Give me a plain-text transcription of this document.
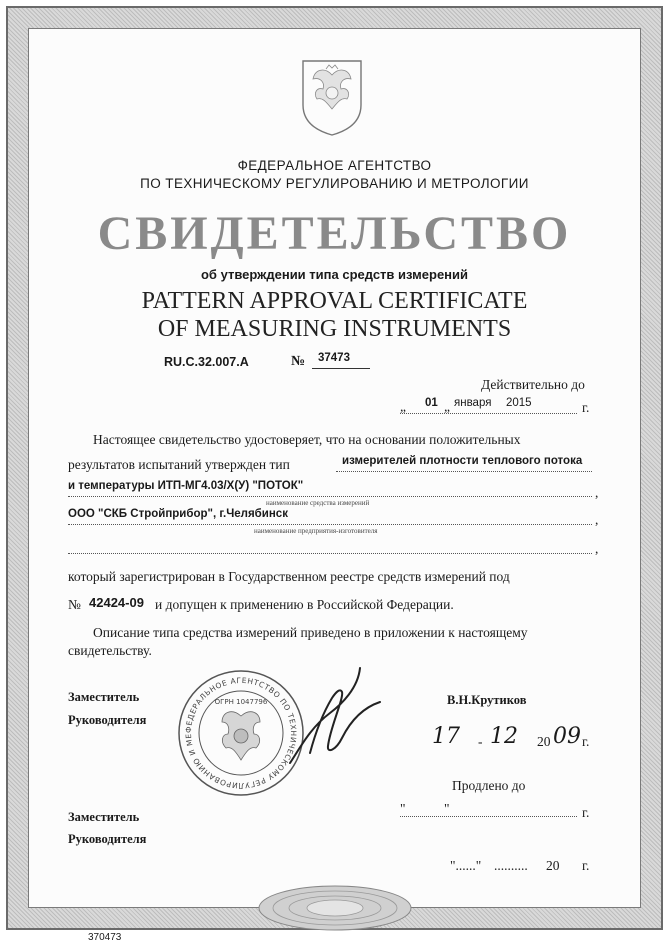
ФЕДЕРАЛЬНОЕ АГЕНТСТВО
ПО ТЕХНИЧЕСКОМУ РЕГУЛИРОВАНИЮ И МЕТРОЛОГИИ
СВИДЕТЕЛЬСТВО
об утверждении типа средств измерений
PATTERN APPROVAL CERTIFICATE
OF MEASURING INSTRUMENTS
RU.C.32.007.A	№ 37473
Действительно до
„ 01 „ января 2015	г.
Настоящее свидетельство удостоверяет, что на основании положительных
результатов испытаний утвержден тип	измерителей плотности теплового потока
и температуры ИТП-МГ4.03/Х(У) "ПОТОК"	,
наименование средства измерений
ООО "СКБ Стройприбор", г.Челябинск	,
наименование предприятия-изготовителя
,
который зарегистрирован в Государственном реестре средств измерений под
№ 42424-09 и допущен к применению в Российской Федерации.
Описание типа средства измерений приведено в приложении к настоящему
свидетельству.
Заместитель
Руководителя
В.Н.Крутиков
ФЕДЕРАЛЬНОЕ АГЕНТСТВО ПО ТЕХНИЧЕСКОМУ РЕГУЛИРОВАНИЮ И МЕ
ОГРН 1047796
17 - 12 20 09 г.
Продлено до
"	"	г.
Заместитель
Руководителя
"......" .......... 20 г.
370473
